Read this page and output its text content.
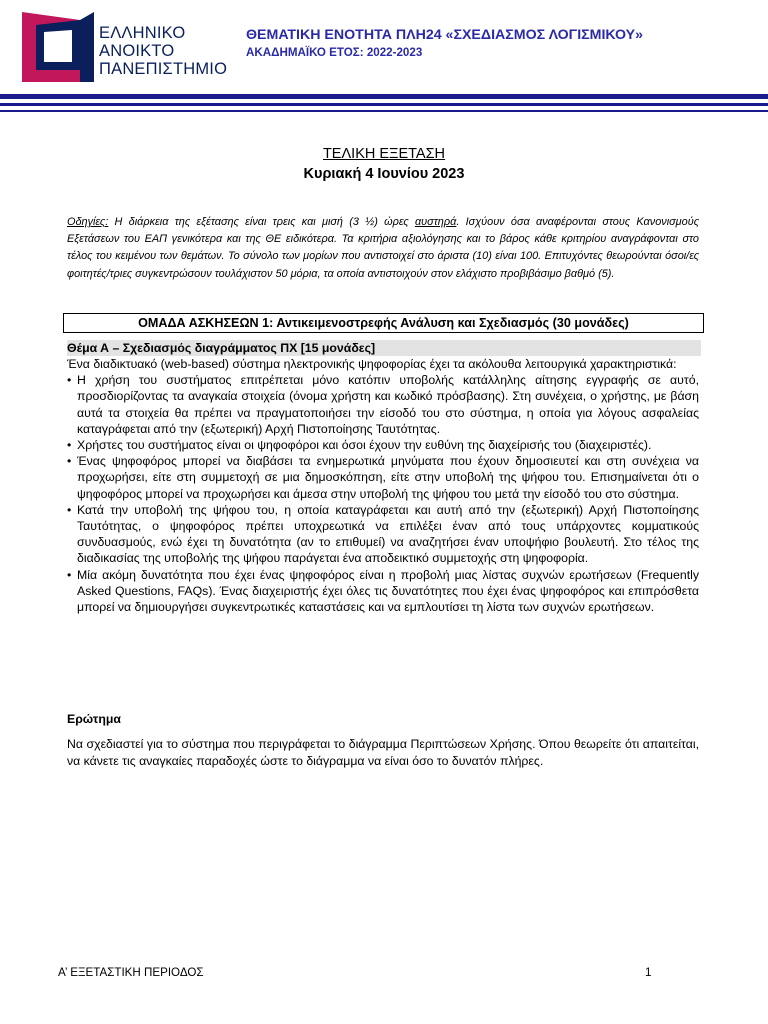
ΕΛΛΗΝΙΚΟ
ΑΝΟΙΚΤΟ
ΠΑΝΕΠΙΣΤΗΜΙΟ
ΘΕΜΑΤΙΚΗ ΕΝΟΤΗΤΑ ΠΛΗ24 «ΣΧΕΔΙΑΣΜΟΣ ΛΟΓΙΣΜΙΚΟΥ»
ΑΚΑΔΗΜΑΪΚΟ ΕΤΟΣ: 2022-2023
ΤΕΛΙΚΗ ΕΞΕΤΑΣΗ
Κυριακή 4 Ιουνίου 2023
Οδηγίες: Η διάρκεια της εξέτασης είναι τρεις και μισή (3 ½) ώρες αυστηρά. Ισχύουν όσα αναφέρονται στους Κανονισμούς Εξετάσεων του ΕΑΠ γενικότερα και της ΘΕ ειδικότερα. Τα κριτήρια αξιολόγησης και το βάρος κάθε κριτηρίου αναγράφονται στο τέλος του κειμένου των θεμάτων. Το σύνολο των μορίων που αντιστοιχεί στο άριστα (10) είναι 100. Επιτυχόντες θεωρούνται όσοι/ες φοιτητές/τριες συγκεντρώσουν τουλάχιστον 50 μόρια, τα οποία αντιστοιχούν στον ελάχιστο προβιβάσιμο βαθμό (5).
ΟΜΑΔΑ ΑΣΚΗΣΕΩΝ 1: Αντικειμενοστρεφής Ανάλυση και Σχεδιασμός (30 μονάδες)
Θέμα Α – Σχεδιασμός διαγράμματος ΠΧ [15 μονάδες]

Ένα διαδικτυακό (web-based) σύστημα ηλεκτρονικής ψηφοφορίας έχει τα ακόλουθα λειτουργικά χαρακτηριστικά:

• Η χρήση του συστήματος επιτρέπεται μόνο κατόπιν υποβολής κατάλληλης αίτησης εγγραφής σε αυτό, προσδιορίζοντας τα αναγκαία στοιχεία (όνομα χρήστη και κωδικό πρόσβασης). Στη συνέχεια, ο χρήστης, με βάση αυτά τα στοιχεία θα πρέπει να πραγματοποιήσει την είσοδό του στο σύστημα, η οποία για λόγους ασφαλείας καταγράφεται από την (εξωτερική) Αρχή Πιστοποίησης Ταυτότητας.
• Χρήστες του συστήματος είναι οι ψηφοφόροι και όσοι έχουν την ευθύνη της διαχείρισής του (διαχειριστές).
• Ένας ψηφοφόρος μπορεί να διαβάσει τα ενημερωτικά μηνύματα που έχουν δημοσιευτεί και στη συνέχεια να προχωρήσει, είτε στη συμμετοχή σε μια δημοσκόπηση, είτε στην υποβολή της ψήφου του. Επισημαίνεται ότι ο ψηφοφόρος μπορεί να προχωρήσει και άμεσα στην υποβολή της ψήφου του μετά την είσοδό του στο σύστημα.
• Κατά την υποβολή της ψήφου του, η οποία καταγράφεται και αυτή από την (εξωτερική) Αρχή Πιστοποίησης Ταυτότητας, ο ψηφοφόρος πρέπει υποχρεωτικά να επιλέξει έναν από τους υπάρχοντες κομματικούς συνδυασμούς, ενώ έχει τη δυνατότητα (αν το επιθυμεί) να αναζητήσει έναν υποψήφιο βουλευτή. Στο τέλος της διαδικασίας της υποβολής της ψήφου παράγεται ένα αποδεικτικό συμμετοχής στη ψηφοφορία.
• Μία ακόμη δυνατότητα που έχει ένας ψηφοφόρος είναι η προβολή μιας λίστας συχνών ερωτήσεων (Frequently Asked Questions, FAQs). Ένας διαχειριστής έχει όλες τις δυνατότητες που έχει ένας ψηφοφόρος και επιπρόσθετα μπορεί να δημιουργήσει συγκεντρωτικές καταστάσεις και να εμπλουτίσει τη λίστα των συχνών ερωτήσεων.
Ερώτημα
Να σχεδιαστεί για το σύστημα που περιγράφεται το διάγραμμα Περιπτώσεων Χρήσης. Όπου θεωρείτε ότι απαιτείται, να κάνετε τις αναγκαίες παραδοχές ώστε το διάγραμμα να είναι όσο το δυνατόν πλήρες.
Α’ ΕΞΕΤΑΣΤΙΚΗ ΠΕΡΙΟΔΟΣ	1
